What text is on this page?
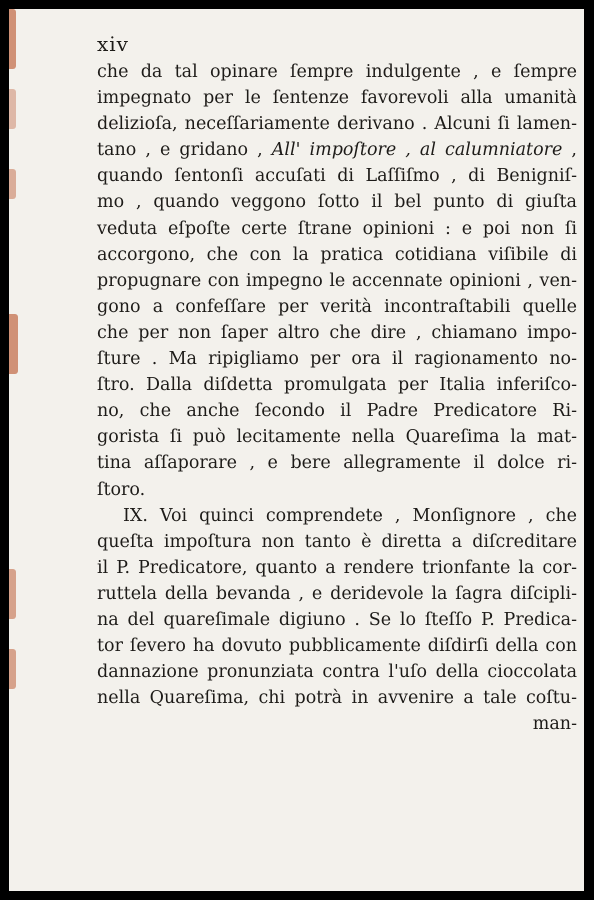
xiv
che da tal opinare ſempre indulgente , e ſempre
impegnato per le ſentenze favorevoli alla umanità
delizioſa, neceſſariamente derivano . Alcuni ſi lamen-
tano , e gridano , All' impoſtore , al calumniatore ,
quando ſentonſi accuſati di Laſſiſmo , di Benigniſ-
mo , quando veggono ſotto il bel punto di giuſta
veduta eſpoſte certe ſtrane opinioni : e poi non ſi
accorgono, che con la pratica cotidiana viſibile di
propugnare con impegno le accennate opinioni , ven-
gono a confeſſare per verità incontraſtabili quelle
che per non ſaper altro che dire , chiamano impo-
ſture . Ma ripigliamo per ora il ragionamento no-
ſtro. Dalla diſdetta promulgata per Italia inferiſco-
no, che anche ſecondo il Padre Predicatore Ri-
gorista ſi può lecitamente nella Quareſima la mat-
tina aſſaporare , e bere allegramente il dolce ri-
ſtoro.
IX. Voi quinci comprendete , Monſignore , che
queſta impoſtura non tanto è diretta a diſcreditare
il P. Predicatore, quanto a rendere trionfante la cor-
ruttela della bevanda , e deridevole la ſagra diſcipli-
na del quareſimale digiuno . Se lo ſteſſo P. Predica-
tor ſevero ha dovuto pubblicamente diſdirſi della con
dannazione pronunziata contra l'uſo della cioccolata
nella Quareſima, chi potrà in avvenire a tale coſtu-
man-
